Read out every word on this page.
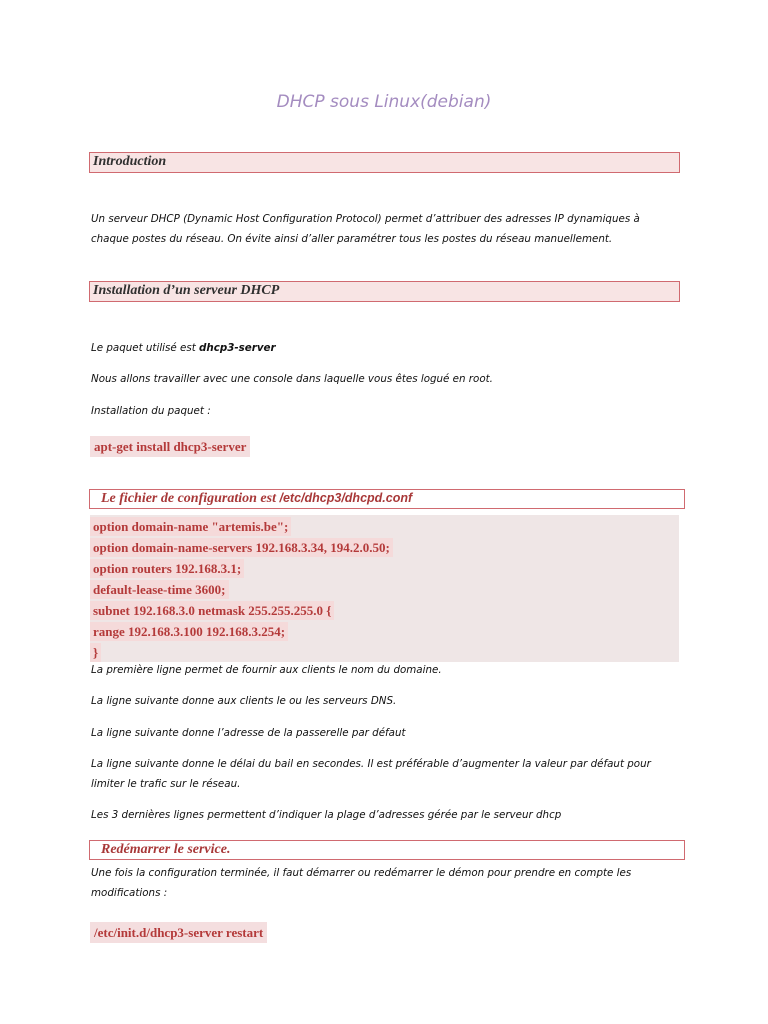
DHCP sous Linux(debian)
Introduction
Un serveur DHCP (Dynamic Host Configuration Protocol) permet d’attribuer des adresses IP dynamiques à
chaque postes du réseau. On évite ainsi d’aller paramétrer tous les postes du réseau manuellement.
Installation d’un serveur DHCP
Le paquet utilisé est dhcp3-server
Nous allons travailler avec une console dans laquelle vous êtes logué en root.
Installation du paquet :
apt-get install dhcp3-server
Le fichier de configuration est /etc/dhcp3/dhcpd.conf
option domain-name "artemis.be";
option domain-name-servers 192.168.3.34, 194.2.0.50;
option routers 192.168.3.1;
default-lease-time 3600;
subnet 192.168.3.0 netmask 255.255.255.0 {
range 192.168.3.100 192.168.3.254;
}
La première ligne permet de fournir aux clients le nom du domaine.
La ligne suivante donne aux clients le ou les serveurs DNS.
La ligne suivante donne l’adresse de la passerelle par défaut
La ligne suivante donne le délai du bail en secondes. Il est préférable d’augmenter la valeur par défaut pour
limiter le trafic sur le réseau.
Les 3 dernières lignes permettent d’indiquer la plage d’adresses gérée par le serveur dhcp
Redémarrer le service.
Une fois la configuration terminée, il faut démarrer ou redémarrer le démon pour prendre en compte les
modifications :
/etc/init.d/dhcp3-server restart
